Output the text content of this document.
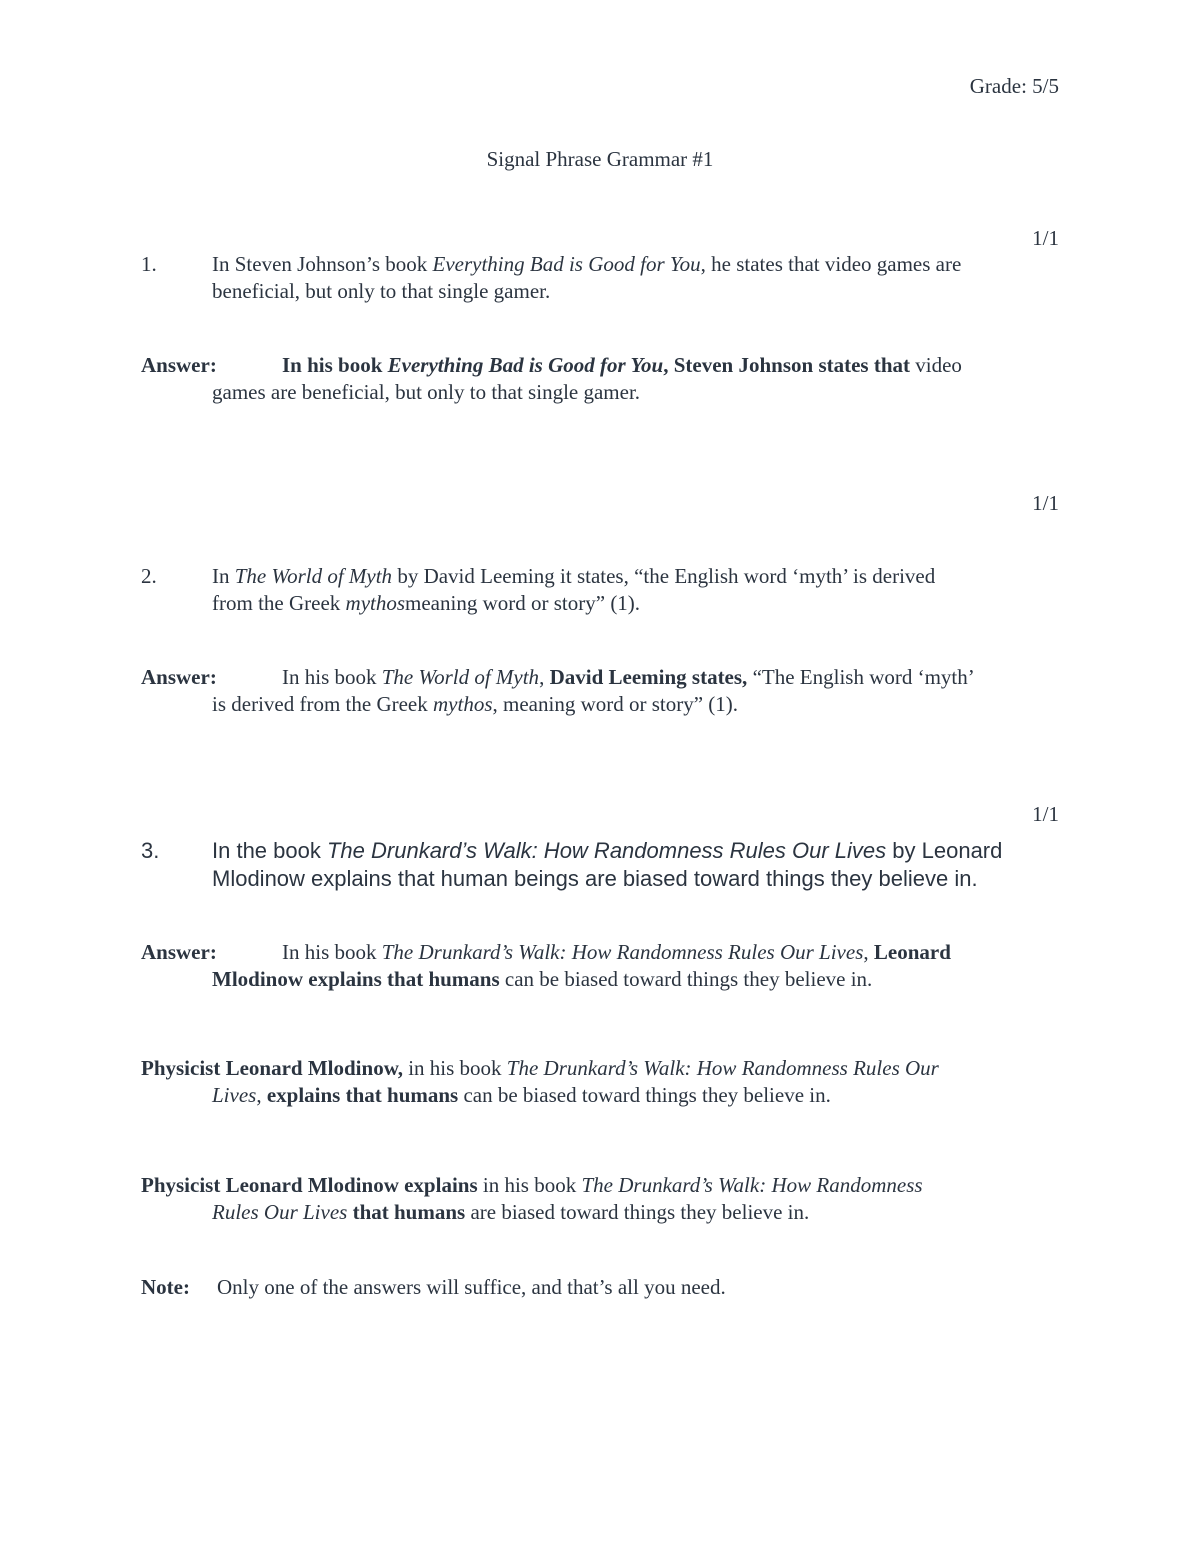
Grade: 5/5
Signal Phrase Grammar #1
1/1
1.	In Steven Johnson’s book Everything Bad is Good for You, he states that video games are
beneficial, but only to that single gamer.
Answer:	In his book Everything Bad is Good for You, Steven Johnson states that video
games are beneficial, but only to that single gamer.
1/1
2.	In The World of Myth by David Leeming it states, “the English word ‘myth’ is derived
from the Greek mythosmeaning word or story” (1).
Answer:	In his book The World of Myth, David Leeming states, “The English word ‘myth’
is derived from the Greek mythos, meaning word or story” (1).
1/1
3. In the book The Drunkard’s Walk: How Randomness Rules Our Lives by Leonard
Mlodinow explains that human beings are biased toward things they believe in.
Answer:	In his book The Drunkard’s Walk: How Randomness Rules Our Lives, Leonard
Mlodinow explains that humans can be biased toward things they believe in.
Physicist Leonard Mlodinow, in his book The Drunkard’s Walk: How Randomness Rules Our
Lives, explains that humans can be biased toward things they believe in.
Physicist Leonard Mlodinow explains in his book The Drunkard’s Walk: How Randomness
Rules Our Lives that humans are biased toward things they believe in.
Note: Only one of the answers will suffice, and that’s all you need.
